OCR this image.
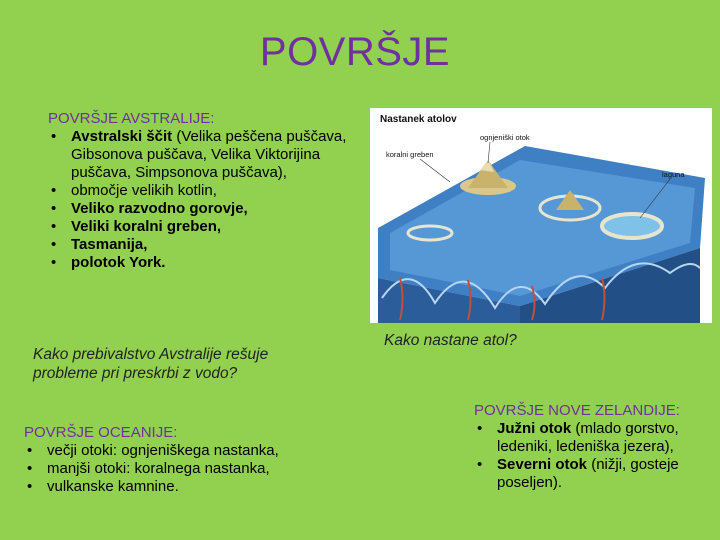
POVRŠJE
POVRŠJE AVSTRALIJE:
• Avstralski ščit (Velika peščena puščava, Gibsonova puščava, Velika Viktorijina puščava, Simpsonova puščava),
• območje velikih kotlin,
• Veliko razvodno gorovje,
• Veliki koralni greben,
• Tasmanija,
• polotok York.
Kako prebivalstvo Avstralije rešuje probleme pri preskrbi z vodo?
POVRŠJE OCEANIJE:
• večji otoki: ognjeniškega nastanka,
• manjši otoki: koralnega nastanka,
• vulkanske kamnine.
Nastanek atolov
ognjeniški otok
koralni greben
laguna
Kako nastane atol?
POVRŠJE NOVE ZELANDIJE:
• Južni otok (mlado gorstvo, ledeniki, ledeniška jezera),
• Severni otok (nižji, gosteje poseljen).
